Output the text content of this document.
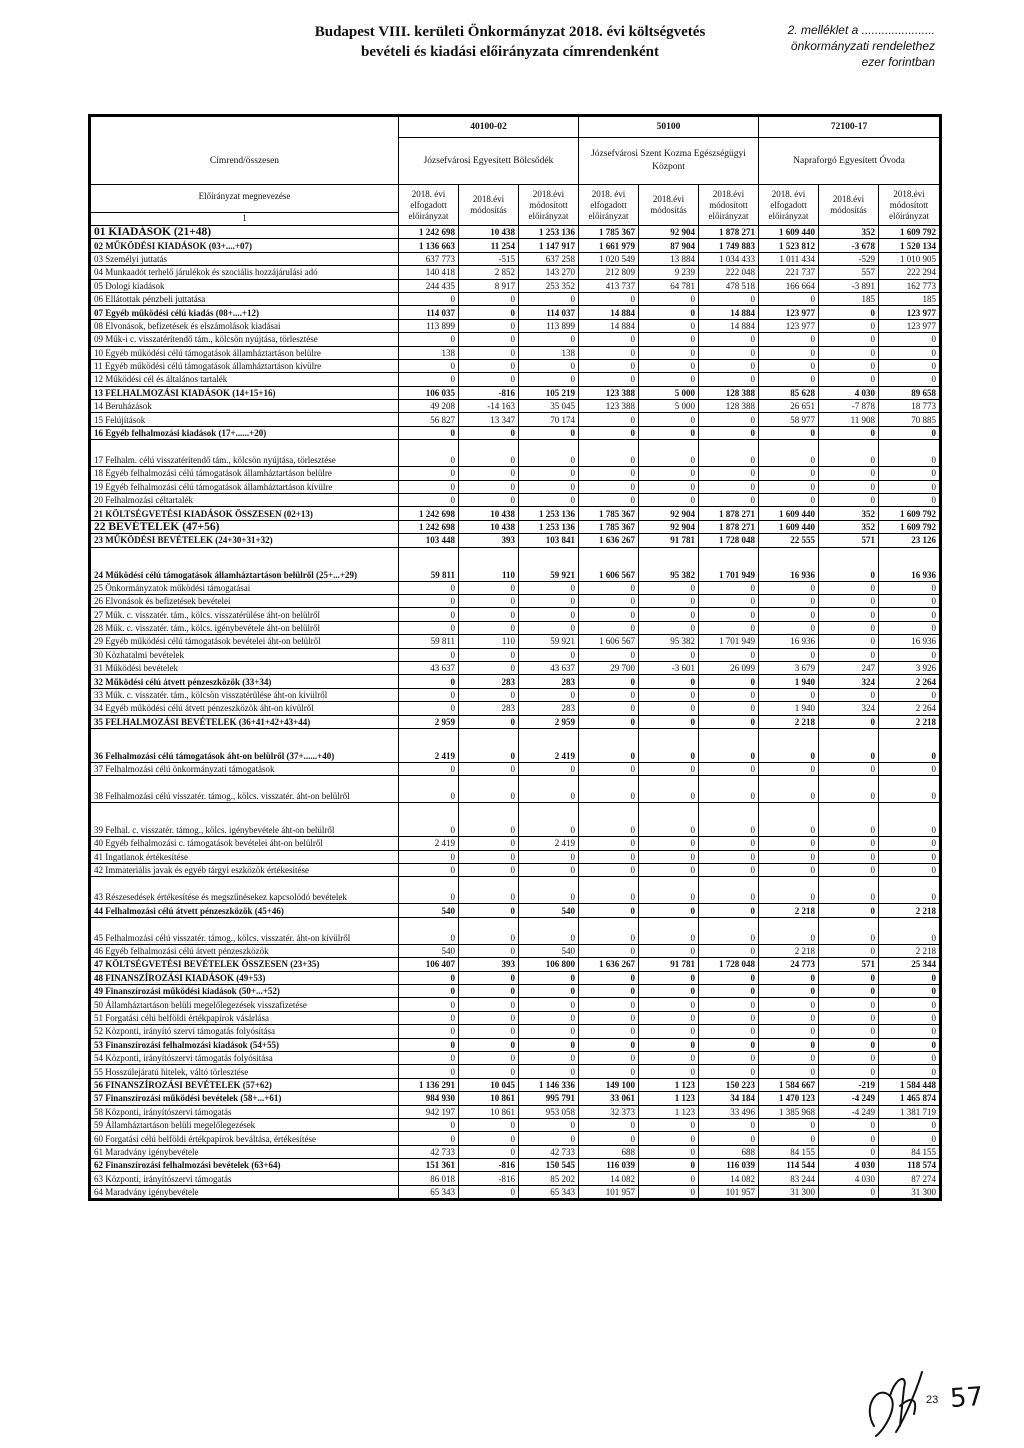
Budapest VIII. kerületi Önkormányzat 2018. évi költségvetés
bevételi és kiadási előirányzata címrendenként
2. melléklet a ......................
önkormányzati rendelethez
ezer forintban
	40100-02			50100			72100-17		
Címrend/összesen	Józsefvárosi Egyesített Bölcsődék			Józsefvárosi Szent Kozma Egészségügyi Központ			Napraforgó Egyesített Óvoda		

Előirányzat megnevezése
1	2018. évi elfogadott előirányzat	2018.évi módosítás	2018.évi módosított előirányzat	2018. évi elfogadott előirányzat	2018.évi módosítás	2018.évi módosított előirányzat	2018. évi elfogadott előirányzat	2018.évi módosítás	2018.évi módosított előirányzat
01 KIADÁSOK (21+48)	1 242 698	10 438	1 253 136	1 785 367	92 904	1 878 271	1 609 440	352	1 609 792
02 MŰKÖDÉSI KIADÁSOK (03+....+07)	1 136 663	11 254	1 147 917	1 661 979	87 904	1 749 883	1 523 812	-3 678	1 520 134
03 Személyi juttatás	637 773	-515	637 258	1 020 549	13 884	1 034 433	1 011 434	-529	1 010 905
04 Munkaadót terhelő járulékok és szociális hozzájárulási adó	140 418	2 852	143 270	212 809	9 239	222 048	221 737	557	222 294
05 Dologi kiadások	244 435	8 917	253 352	413 737	64 781	478 518	166 664	-3 891	162 773
06 Ellátottak pénzbeli juttatása	0	0	0	0	0	0	0	185	185
07 Egyéb működési célú kiadás (08+....+12)	114 037	0	114 037	14 884	0	14 884	123 977	0	123 977
08 Elvonások, befizetések és elszámolások kiadásai	113 899	0	113 899	14 884	0	14 884	123 977	0	123 977
09 Műk-i c. visszatérítendő tám., kölcsön nyújtása, törlesztése	0	0	0	0	0	0	0	0	0
10 Egyéb működési célú támogatások államháztartáson belülre	138	0	138	0	0	0	0	0	0
11 Egyéb működési célú támogatások államháztartáson kívülre	0	0	0	0	0	0	0	0	0
12 Működési cél és általános tartalék	0	0	0	0	0	0	0	0	0
13 FELHALMOZÁSI KIADÁSOK (14+15+16)	106 035	-816	105 219	123 388	5 000	128 388	85 628	4 030	89 658
14 Beruházások	49 208	-14 163	35 045	123 388	5 000	128 388	26 651	-7 878	18 773
15 Felújítások	56 827	13 347	70 174	0	0	0	58 977	11 908	70 885
16 Egyéb felhalmozási kiadások (17+......+20)	0	0	0	0	0	0	0	0	0
17 Felhalm. célú visszatérítendő tám., kölcsön nyújtása, törlesztése	0	0	0	0	0	0	0	0	0
18 Egyéb felhalmozási célú támogatások államháztartáson belülre	0	0	0	0	0	0	0	0	0
19 Egyéb felhalmozási célú támogatások államháztartáson kívülre	0	0	0	0	0	0	0	0	0
20 Felhalmozási céltartalék	0	0	0	0	0	0	0	0	0
21 KÖLTSÉGVETÉSI KIADÁSOK ÖSSZESEN (02+13)	1 242 698	10 438	1 253 136	1 785 367	92 904	1 878 271	1 609 440	352	1 609 792
22 BEVÉTELEK (47+56)	1 242 698	10 438	1 253 136	1 785 367	92 904	1 878 271	1 609 440	352	1 609 792
23 MŰKÖDÉSI BEVÉTELEK (24+30+31+32)	103 448	393	103 841	1 636 267	91 781	1 728 048	22 555	571	23 126
24 Működési célú támogatások államháztartáson belülről (25+...+29)	59 811	110	59 921	1 606 567	95 382	1 701 949	16 936	0	16 936
25 Önkormányzatok működési támogatásai	0	0	0	0	0	0	0	0	0
26 Elvonások és befizetések bevételei	0	0	0	0	0	0	0	0	0
27 Műk. c. visszatér. tám., kölcs. visszatérülése áht-on belülről	0	0	0	0	0	0	0	0	0
28 Műk. c. visszatér. tám., kölcs. igénybevétele áht-on belülről	0	0	0	0	0	0	0	0	0
29 Egyéb működési célú támogatások bevételei áht-on belülről	59 811	110	59 921	1 606 567	95 382	1 701 949	16 936	0	16 936
30 Közhatalmi bevételek	0	0	0	0	0	0	0	0	0
31 Működési bevételek	43 637	0	43 637	29 700	-3 601	26 099	3 679	247	3 926
32 Működési célú átvett pénzeszközök (33+34)	0	283	283	0	0	0	1 940	324	2 264
33 Műk. c. visszatér. tám., kölcsön visszatérülése áht-on kívülről	0	0	0	0	0	0	0	0	0
34 Egyéb működési célú átvett pénzeszközök áht-on kívülről	0	283	283	0	0	0	1 940	324	2 264
35 FELHALMOZÁSI BEVÉTELEK (36+41+42+43+44)	2 959	0	2 959	0	0	0	2 218	0	2 218
36 Felhalmozási célú támogatások áht-on belülről (37+......+40)	2 419	0	2 419	0	0	0	0	0	0
37 Felhalmozási célú önkormányzati támogatások	0	0	0	0	0	0	0	0	0
38 Felhalmozási célú visszatér. támog., kölcs. visszatér. áht-on belülről	0	0	0	0	0	0	0	0	0
39 Felhal. c. visszatér. támog., kölcs. igénybevétele áht-on belülről	0	0	0	0	0	0	0	0	0
40 Egyéb felhalmozási c. támogatások bevételei áht-on belülről	2 419	0	2 419	0	0	0	0	0	0
41 Ingatlanok értékesítése	0	0	0	0	0	0	0	0	0
42 Immateriális javak és egyéb tárgyi eszközök értékesítése	0	0	0	0	0	0	0	0	0
43 Részesedések értékesítése és megszűnésekez kapcsolódó bevételek	0	0	0	0	0	0	0	0	0
44 Felhalmozási célú átvett pénzeszközök (45+46)	540	0	540	0	0	0	2 218	0	2 218
45 Felhalmozási célú visszatér. támog., kölcs. visszatér. áht-on kívülről	0	0	0	0	0	0	0	0	0
46 Egyéb felhalmozási célú átvett pénzeszközök	540	0	540	0	0	0	2 218	0	2 218
47 KÖLTSÉGVETÉSI BEVÉTELEK ÖSSZESEN (23+35)	106 407	393	106 800	1 636 267	91 781	1 728 048	24 773	571	25 344
48 FINANSZÍROZÁSI KIADÁSOK (49+53)	0	0	0	0	0	0	0	0	0
49 Finanszírozási működési kiadások (50+...+52)	0	0	0	0	0	0	0	0	0
50 Államháztartáson belüli megelőlegezések visszafizetése	0	0	0	0	0	0	0	0	0
51 Forgatási célú belföldi értékpapírok vásárlása	0	0	0	0	0	0	0	0	0
52 Központi, irányító szervi támogatás folyósítása	0	0	0	0	0	0	0	0	0
53 Finanszírozási felhalmozási kiadások (54+55)	0	0	0	0	0	0	0	0	0
54 Központi, irányítószervi támogatás folyósítása	0	0	0	0	0	0	0	0	0
55 Hosszúlejáratú hitelek, váltó törlesztése	0	0	0	0	0	0	0	0	0
56 FINANSZÍROZÁSI BEVÉTELEK (57+62)	1 136 291	10 045	1 146 336	149 100	1 123	150 223	1 584 667	-219	1 584 448
57 Finanszírozási működési bevételek (58+...+61)	984 930	10 861	995 791	33 061	1 123	34 184	1 470 123	-4 249	1 465 874
58 Központi, irányítószervi támogatás	942 197	10 861	953 058	32 373	1 123	33 496	1 385 968	-4 249	1 381 719
59 Államháztartáson belüli megelőlegezések	0	0	0	0	0	0	0	0	0
60 Forgatási célú belföldi értékpapírok beváltása, értékesítése	0	0	0	0	0	0	0	0	0
61 Maradvány igénybevétele	42 733	0	42 733	688	0	688	84 155	0	84 155
62 Finanszírozási felhalmozási bevételek (63+64)	151 361	-816	150 545	116 039	0	116 039	114 544	4 030	118 574
63 Központi, irányítószervi támogatás	86 018	-816	85 202	14 082	0	14 082	83 244	4 030	87 274
64 Maradvány igénybevétele	65 343	0	65 343	101 957	0	101 957	31 300	0	31 300
23 57
